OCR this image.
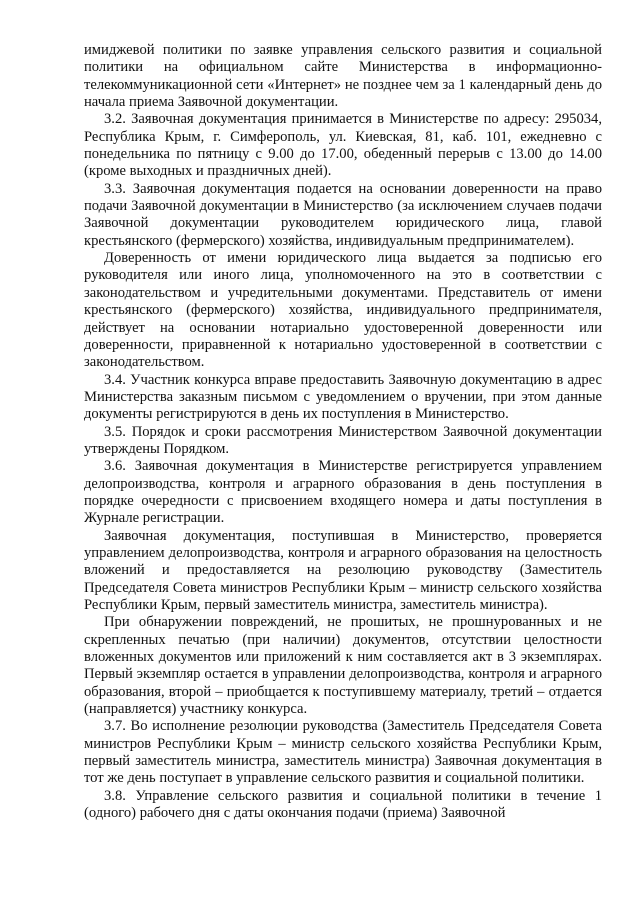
имиджевой политики по заявке управления сельского развития и социальной политики на официальном сайте Министерства в информационно-телекоммуникационной сети «Интернет» не позднее чем за 1 календарный день до начала приема Заявочной документации.

3.2. Заявочная документация принимается в Министерстве по адресу: 295034, Республика Крым, г. Симферополь, ул. Киевская, 81, каб. 101, ежедневно с понедельника по пятницу с 9.00 до 17.00, обеденный перерыв с 13.00 до 14.00 (кроме выходных и праздничных дней).

3.3. Заявочная документация подается на основании доверенности на право подачи Заявочной документации в Министерство (за исключением случаев подачи Заявочной документации руководителем юридического лица, главой крестьянского (фермерского) хозяйства, индивидуальным предпринимателем).

Доверенность от имени юридического лица выдается за подписью его руководителя или иного лица, уполномоченного на это в соответствии с законодательством и учредительными документами. Представитель от имени крестьянского (фермерского) хозяйства, индивидуального предпринимателя, действует на основании нотариально удостоверенной доверенности или доверенности, приравненной к нотариально удостоверенной в соответствии с законодательством.

3.4. Участник конкурса вправе предоставить Заявочную документацию в адрес Министерства заказным письмом с уведомлением о вручении, при этом данные документы регистрируются в день их поступления в Министерство.

3.5. Порядок и сроки рассмотрения Министерством Заявочной документации утверждены Порядком.

3.6. Заявочная документация в Министерстве регистрируется управлением делопроизводства, контроля и аграрного образования в день поступления в порядке очередности с присвоением входящего номера и даты поступления в Журнале регистрации.

Заявочная документация, поступившая в Министерство, проверяется управлением делопроизводства, контроля и аграрного образования на целостность вложений и предоставляется на резолюцию руководству (Заместитель Председателя Совета министров Республики Крым – министр сельского хозяйства Республики Крым, первый заместитель министра, заместитель министра).

При обнаружении повреждений, не прошитых, не прошнурованных и не скрепленных печатью (при наличии) документов, отсутствии целостности вложенных документов или приложений к ним составляется акт в 3 экземплярах. Первый экземпляр остается в управлении делопроизводства, контроля и аграрного образования, второй – приобщается к поступившему материалу, третий – отдается (направляется) участнику конкурса.

3.7. Во исполнение резолюции руководства (Заместитель Председателя Совета министров Республики Крым – министр сельского хозяйства Республики Крым, первый заместитель министра, заместитель министра) Заявочная документация в тот же день поступает в управление сельского развития и социальной политики.

3.8. Управление сельского развития и социальной политики в течение 1 (одного) рабочего дня с даты окончания подачи (приема) Заявочной
